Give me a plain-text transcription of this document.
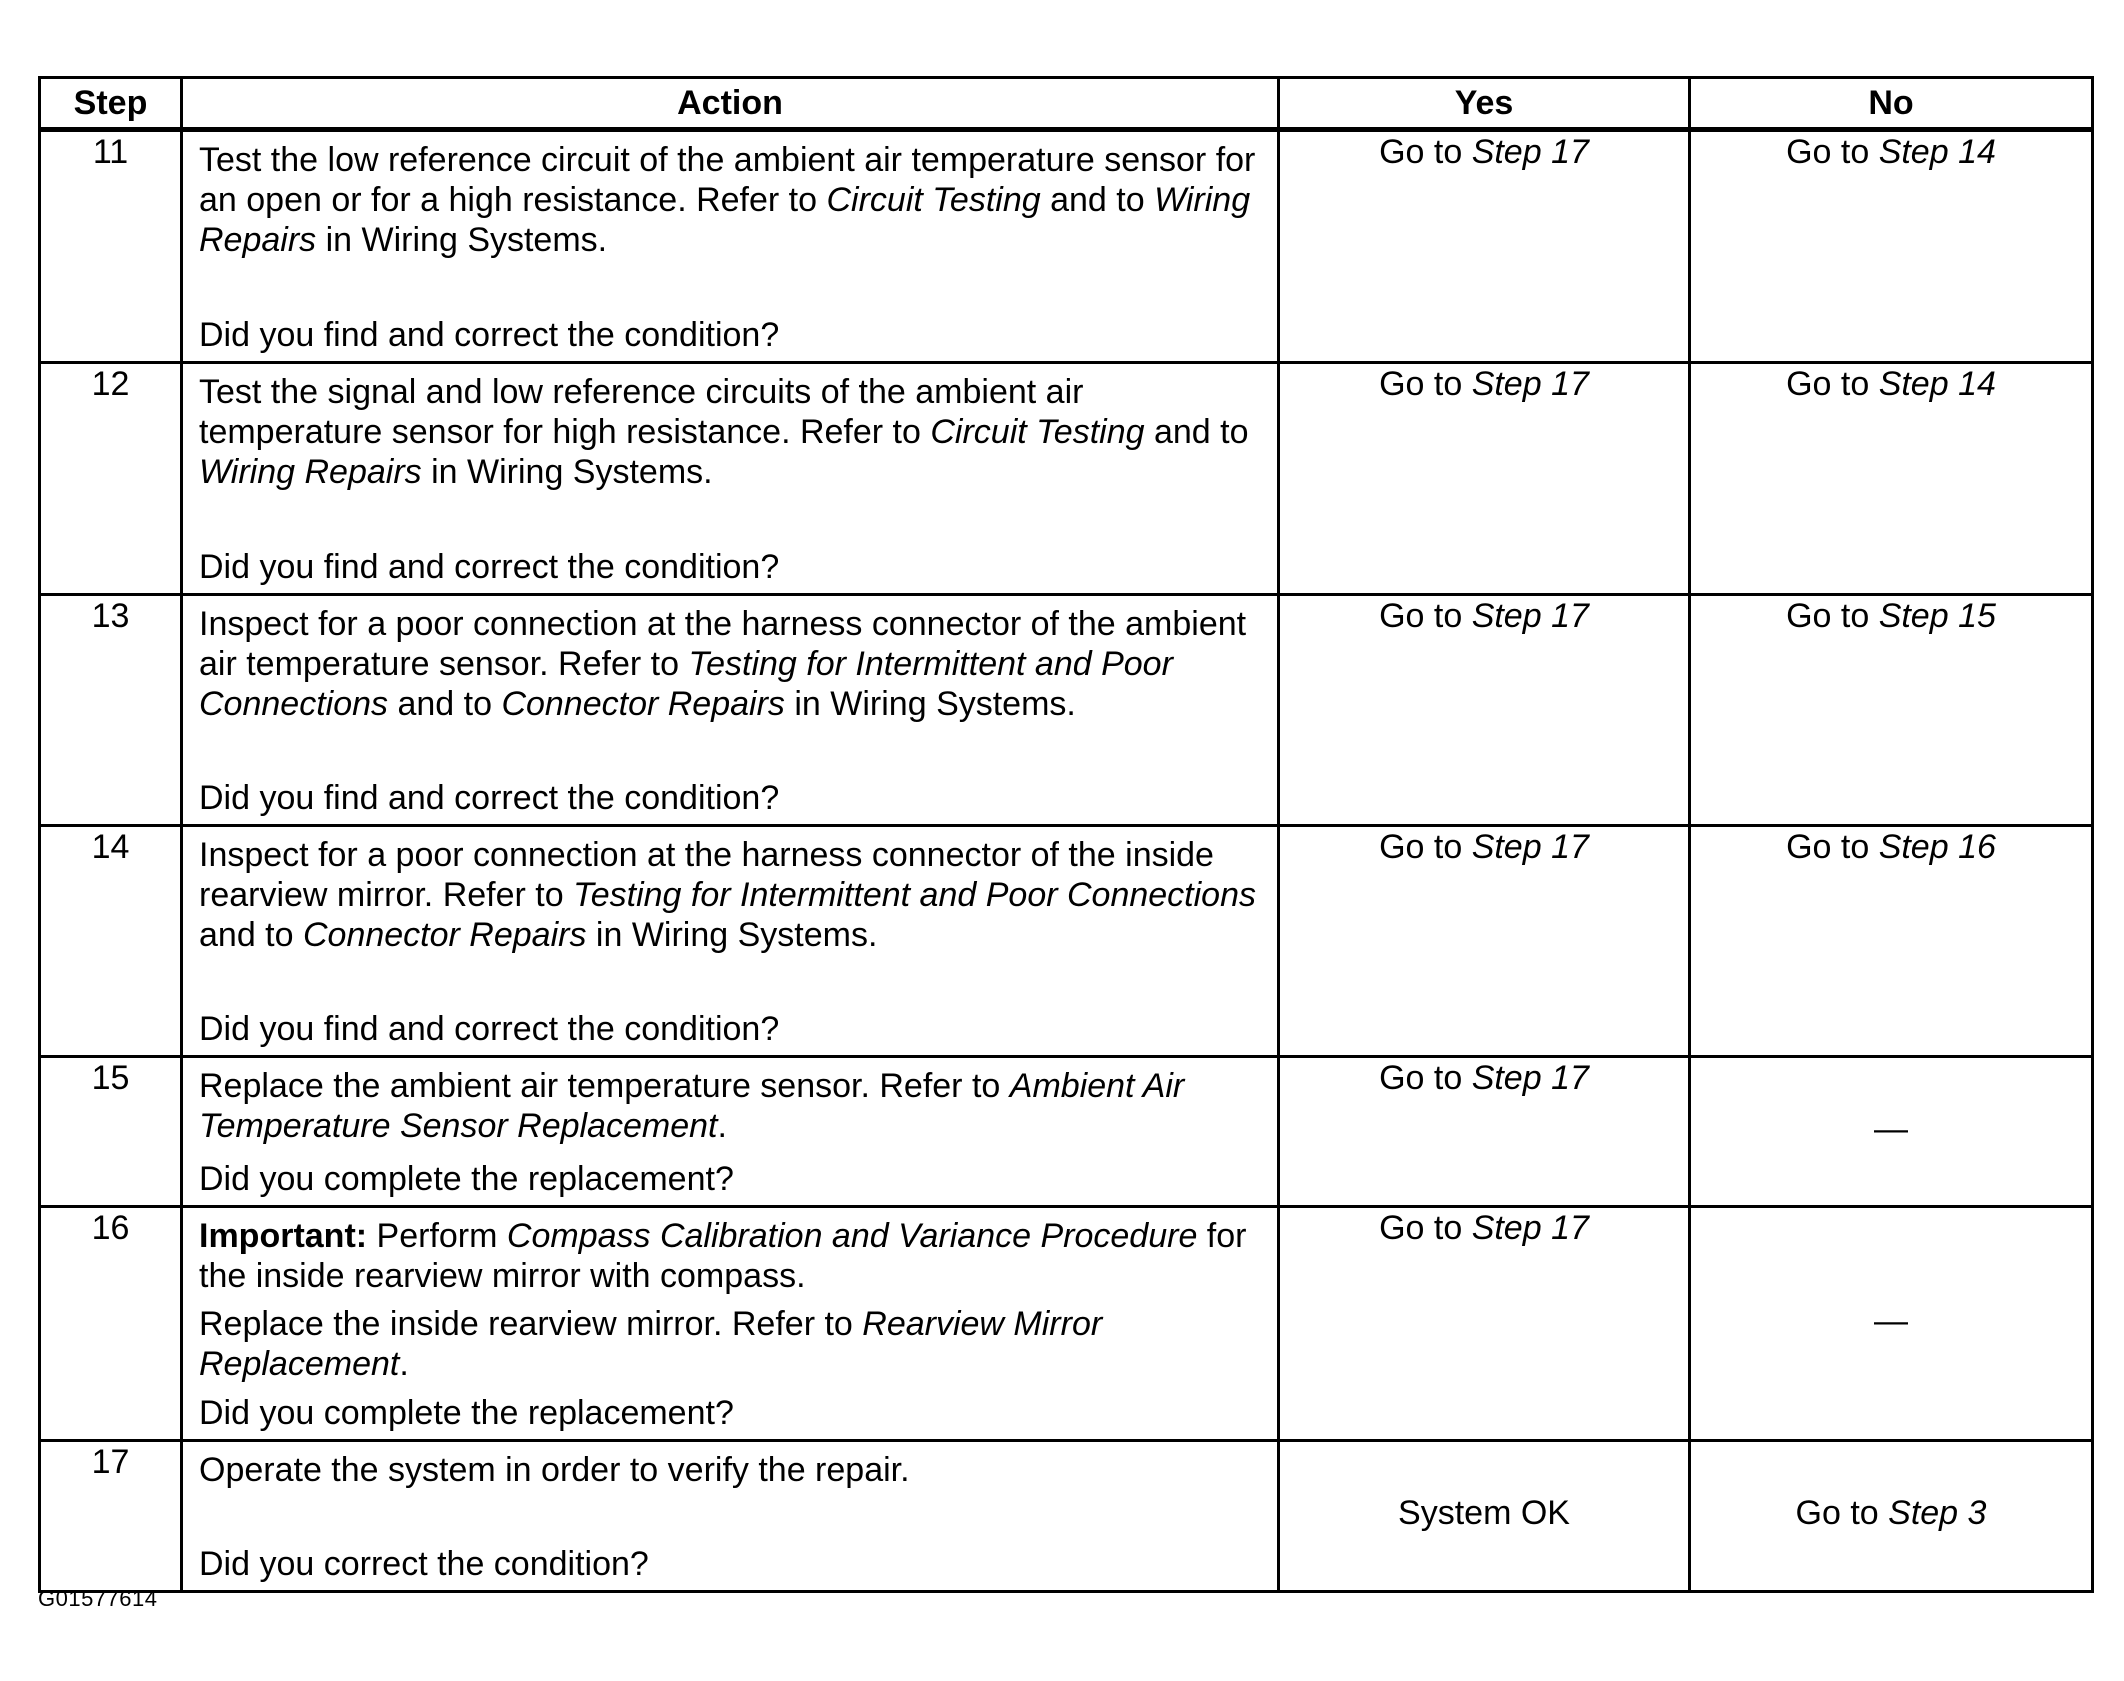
Step	Action	Yes	No
11	Test the low reference circuit of the ambient air temperature sensor for an open or for a high resistance. Refer to Circuit Testing and to Wiring Repairs in Wiring Systems.

Did you find and correct the condition?	Go to Step 17	Go to Step 14
12	Test the signal and low reference circuits of the ambient air temperature sensor for high resistance. Refer to Circuit Testing and to Wiring Repairs in Wiring Systems.

Did you find and correct the condition?	Go to Step 17	Go to Step 14
13	Inspect for a poor connection at the harness connector of the ambient air temperature sensor. Refer to Testing for Intermittent and Poor Connections and to Connector Repairs in Wiring Systems.

Did you find and correct the condition?	Go to Step 17	Go to Step 15
14	Inspect for a poor connection at the harness connector of the inside rearview mirror. Refer to Testing for Intermittent and Poor Connections and to Connector Repairs in Wiring Systems.

Did you find and correct the condition?	Go to Step 17	Go to Step 16
15	Replace the ambient air temperature sensor. Refer to Ambient Air Temperature Sensor Replacement.

Did you complete the replacement?	Go to Step 17	—
16	Important: Perform Compass Calibration and Variance Procedure for the inside rearview mirror with compass.

Replace the inside rearview mirror. Refer to Rearview Mirror Replacement.

Did you complete the replacement?	Go to Step 17	—
17	Operate the system in order to verify the repair.

Did you correct the condition?	System OK	Go to Step 3
G01577614
